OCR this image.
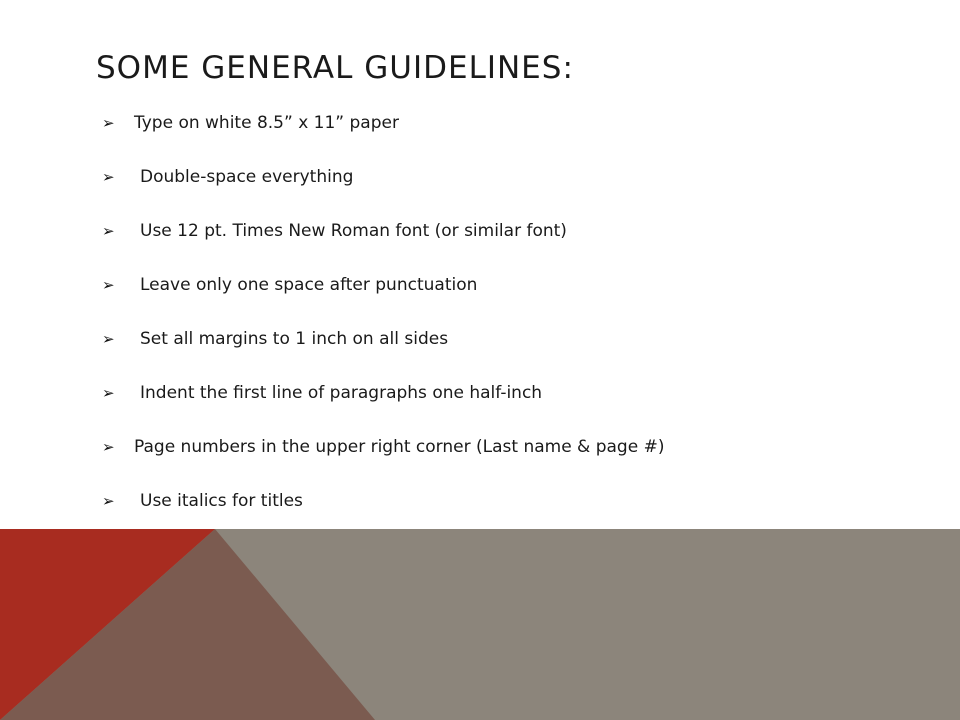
SOME GENERAL GUIDELINES:
➢ Type on white 8.5” x 11” paper
➢ Double-space everything
➢ Use 12 pt. Times New Roman font (or similar font)
➢ Leave only one space after punctuation
➢ Set all margins to 1 inch on all sides
➢ Indent the first line of paragraphs one half-inch
➢ Page numbers in the upper right corner (Last name & page #)
➢ Use italics for titles
